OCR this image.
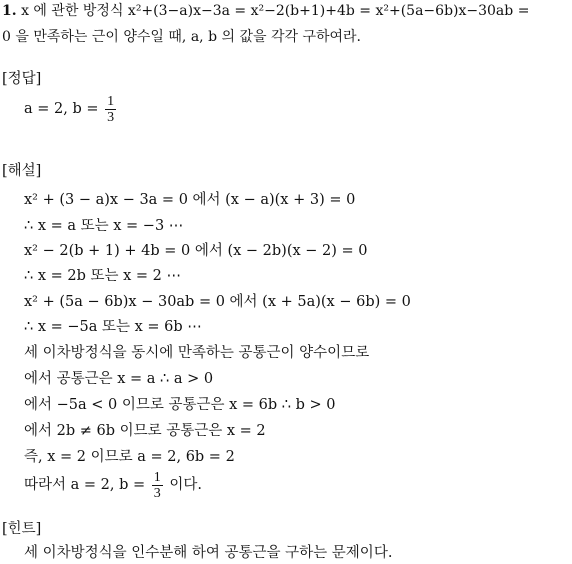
1. x 에 관한 방정식 x²+(3−a)x−3a = x²−2(b+1)+4b = x²+(5a−6b)x−30ab =
0 을 만족하는 근이 양수일 때, a, b 의 값을 각각 구하여라.
[정답]
a = 2, $b = \frac{1}{3}$
[해설]
x² + (3 − a)x − 3a = 0 에서 (x − a)(x + 3) = 0
∴ x = a 또는 x = −3 ⋯
x² − 2(b + 1) + 4b = 0 에서 (x − 2b)(x − 2) = 0
∴ x = 2b 또는 x = 2 ⋯
x² + (5a − 6b)x − 30ab = 0 에서 (x + 5a)(x − 6b) = 0
∴ x = −5a 또는 x = 6b ⋯
세 이차방정식을 동시에 만족하는 공통근이 양수이므로
에서 공통근은 x = a ∴ a > 0
에서 −5a < 0 이므로 공통근은 x = 6b ∴ b > 0
에서 2b ≠ 6b 이므로 공통근은 x = 2
즉, x = 2 이므로 a = 2, 6b = 2
따라서 a = 2, $b = \frac{1}{3}$ 이다.
[힌트]
세 이차방정식을 인수분해 하여 공통근을 구하는 문제이다.
